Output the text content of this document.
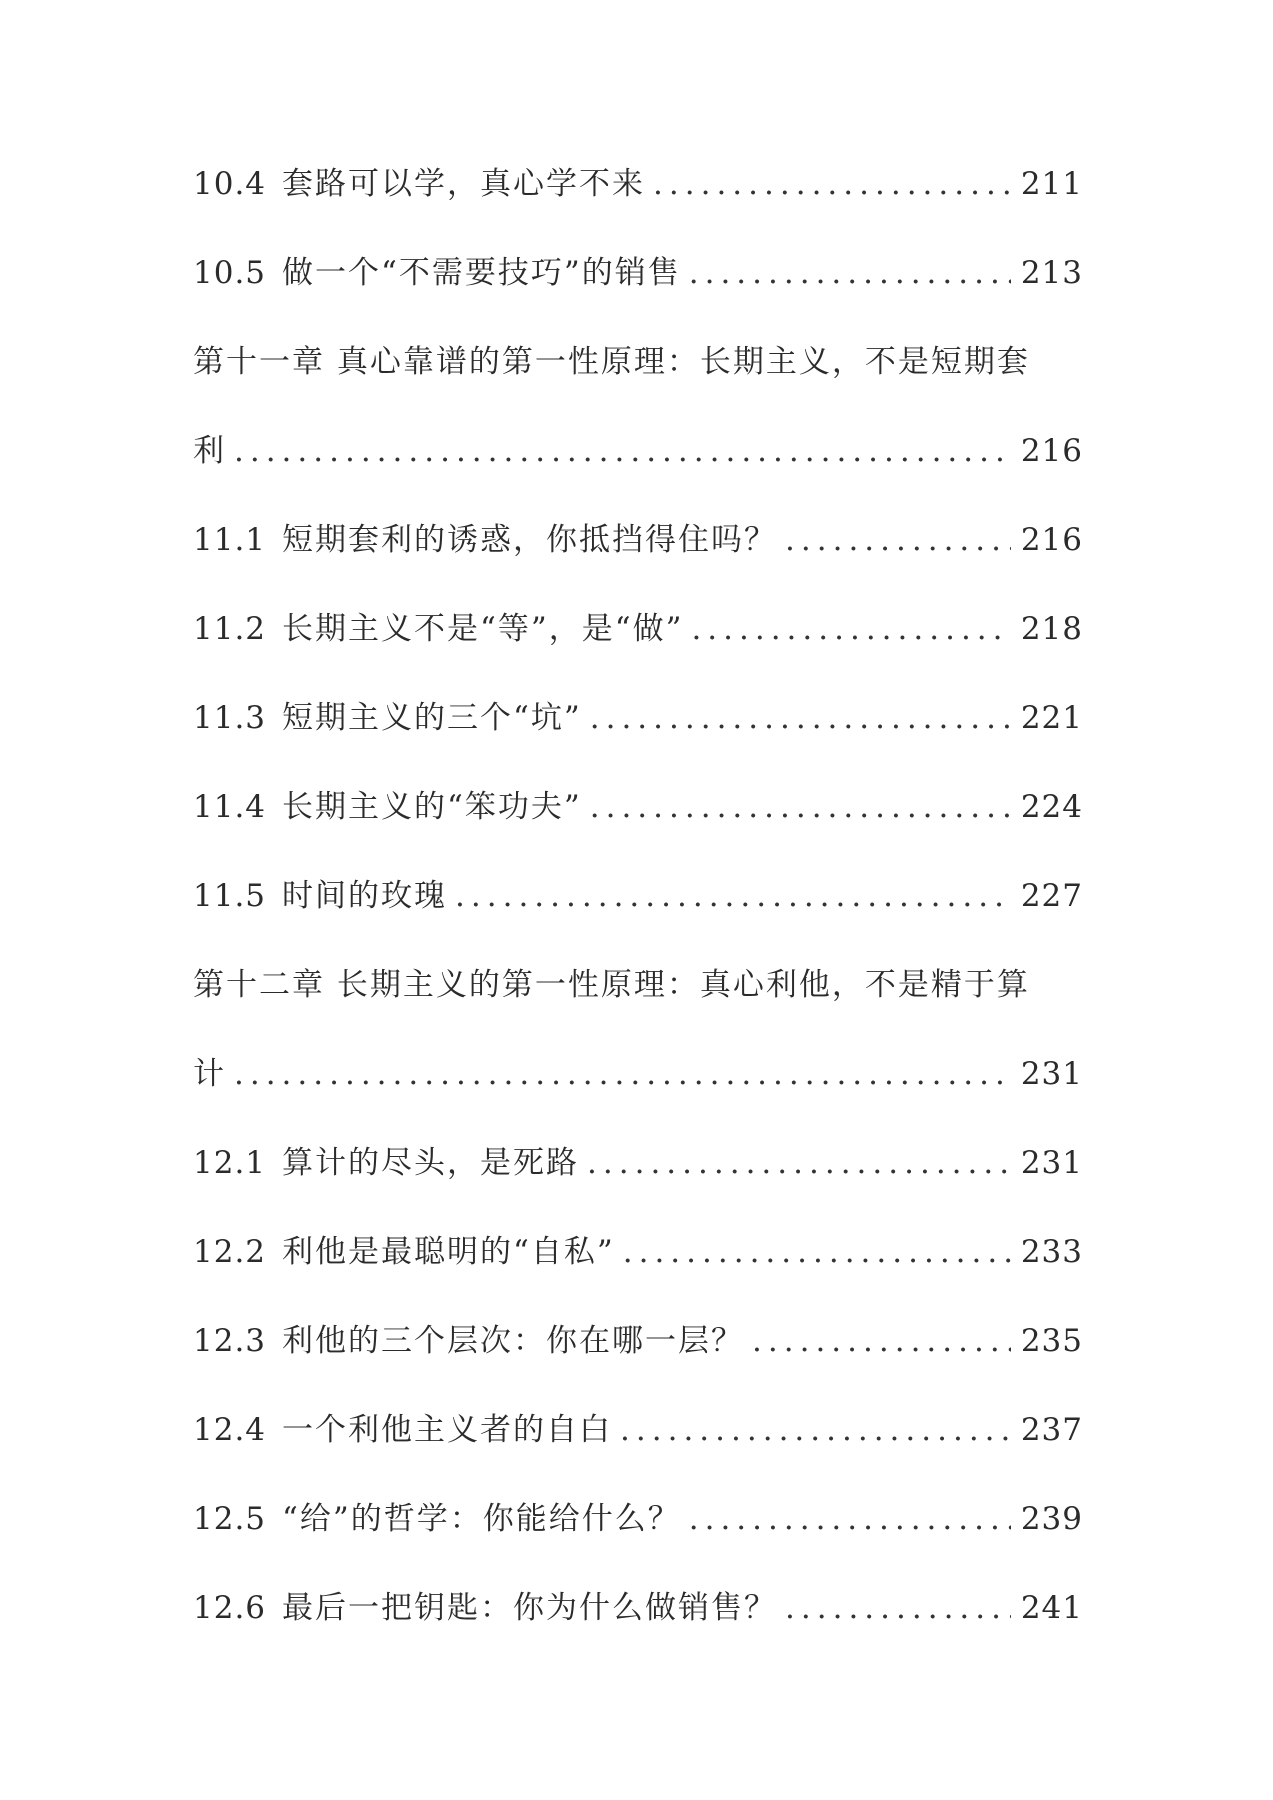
10.4 套路可以学，真心学不来 .....	211
10.5 做一个“不需要技巧”的销售 .....	213
第十一章 真心靠谱的第一性原理：长期主义，不是短期套
利 .....	216
11.1 短期套利的诱惑，你抵挡得住吗？ .....	216
11.2 长期主义不是“等”，是“做” .....	218
11.3 短期主义的三个“坑” .....	221
11.4 长期主义的“笨功夫” .....	224
11.5 时间的玫瑰 .....	227
第十二章 长期主义的第一性原理：真心利他，不是精于算
计 .....	231
12.1 算计的尽头，是死路 .....	231
12.2 利他是最聪明的“自私” .....	233
12.3 利他的三个层次：你在哪一层？ .....	235
12.4 一个利他主义者的自白 .....	237
12.5 “给”的哲学：你能给什么？ .....	239
12.6 最后一把钥匙：你为什么做销售？ .....	241
